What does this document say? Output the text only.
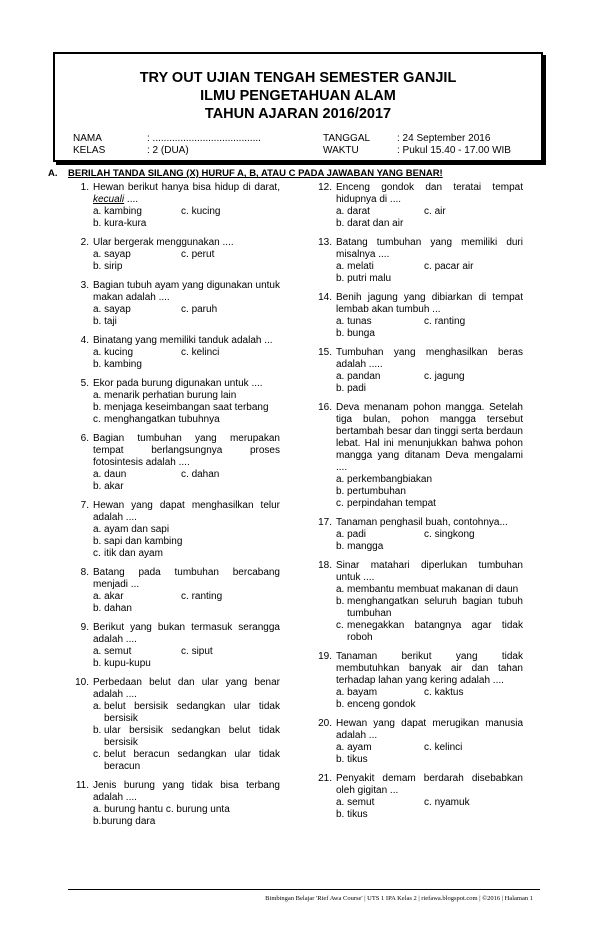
TRY OUT UJIAN TENGAH SEMESTER GANJIL
ILMU PENGETAHUAN ALAM
TAHUN AJARAN 2016/2017
NAMA	: .......................................	TANGGAL	: 24 September 2016
KELAS	: 2 (DUA)	WAKTU	: Pukul 15.40 - 17.00 WIB
A.	BERILAH TANDA SILANG (X) HURUF A, B, ATAU C PADA JAWABAN YANG BENAR!
1. Hewan berikut hanya bisa hidup di darat, kecuali ....
a. kambing	c. kucing
b. kura-kura
2. Ular bergerak menggunakan ....
a. sayap	c. perut
b. sirip
3. Bagian tubuh ayam yang digunakan untuk makan adalah ....
a. sayap	c. paruh
b. taji
4. Binatang yang memiliki tanduk adalah ...
a. kucing	c. kelinci
b. kambing
5. Ekor pada burung digunakan untuk ....
a. menarik perhatian burung lain
b. menjaga keseimbangan saat terbang
c. menghangatkan tubuhnya
6. Bagian tumbuhan yang merupakan tempat berlangsungnya proses fotosintesis adalah ....
a. daun	c. dahan
b. akar
7. Hewan yang dapat menghasilkan telur adalah ....
a. ayam dan sapi
b. sapi dan kambing
c. itik dan ayam
8. Batang pada tumbuhan bercabang menjadi ...
a. akar	c. ranting
b. dahan
9. Berikut yang bukan termasuk serangga adalah ....
a. semut	c. siput
b. kupu-kupu
10. Perbedaan belut dan ular yang benar adalah ....
a. belut bersisik sedangkan ular tidak bersisik
b. ular bersisik sedangkan belut tidak bersisik
c. belut beracun sedangkan ular tidak beracun
11. Jenis burung yang tidak bisa terbang adalah ....
a. burung hantu c. burung unta
b. burung dara
12. Enceng gondok dan teratai tempat hidupnya di ....
a. darat	c. air
b. darat dan air
13. Batang tumbuhan yang memiliki duri misalnya ....
a. melati	c. pacar air
b. putri malu
14. Benih jagung yang dibiarkan di tempat lembab akan tumbuh ...
a. tunas	c. ranting
b. bunga
15. Tumbuhan yang menghasilkan beras adalah .....
a. pandan	c. jagung
b. padi
16. Deva menanam pohon mangga. Setelah tiga bulan, pohon mangga tersebut bertambah besar dan tinggi serta berdaun lebat. Hal ini menunjukkan bahwa pohon mangga yang ditanam Deva mengalami ....
a. perkembangbiakan
b. pertumbuhan
c. perpindahan tempat
17. Tanaman penghasil buah, contohnya...
a. padi	c. singkong
b. mangga
18. Sinar matahari diperlukan tumbuhan untuk ....
a. membantu membuat makanan di daun
b. menghangatkan seluruh bagian tubuh tumbuhan
c. menegakkan batangnya agar tidak roboh
19. Tanaman berikut yang tidak membutuhkan banyak air dan tahan terhadap lahan yang kering adalah ....
a. bayam	c. kaktus
b. enceng gondok
20. Hewan yang dapat merugikan manusia adalah ...
a. ayam	c. kelinci
b. tikus
21. Penyakit demam berdarah disebabkan oleh gigitan ...
a. semut	c. nyamuk
b. tikus
Bimbingan Belajar 'Rief Awa Course' | UTS 1 IPA Kelas 2 | riefawa.blogspot.com | ©2016 | Halaman 1
